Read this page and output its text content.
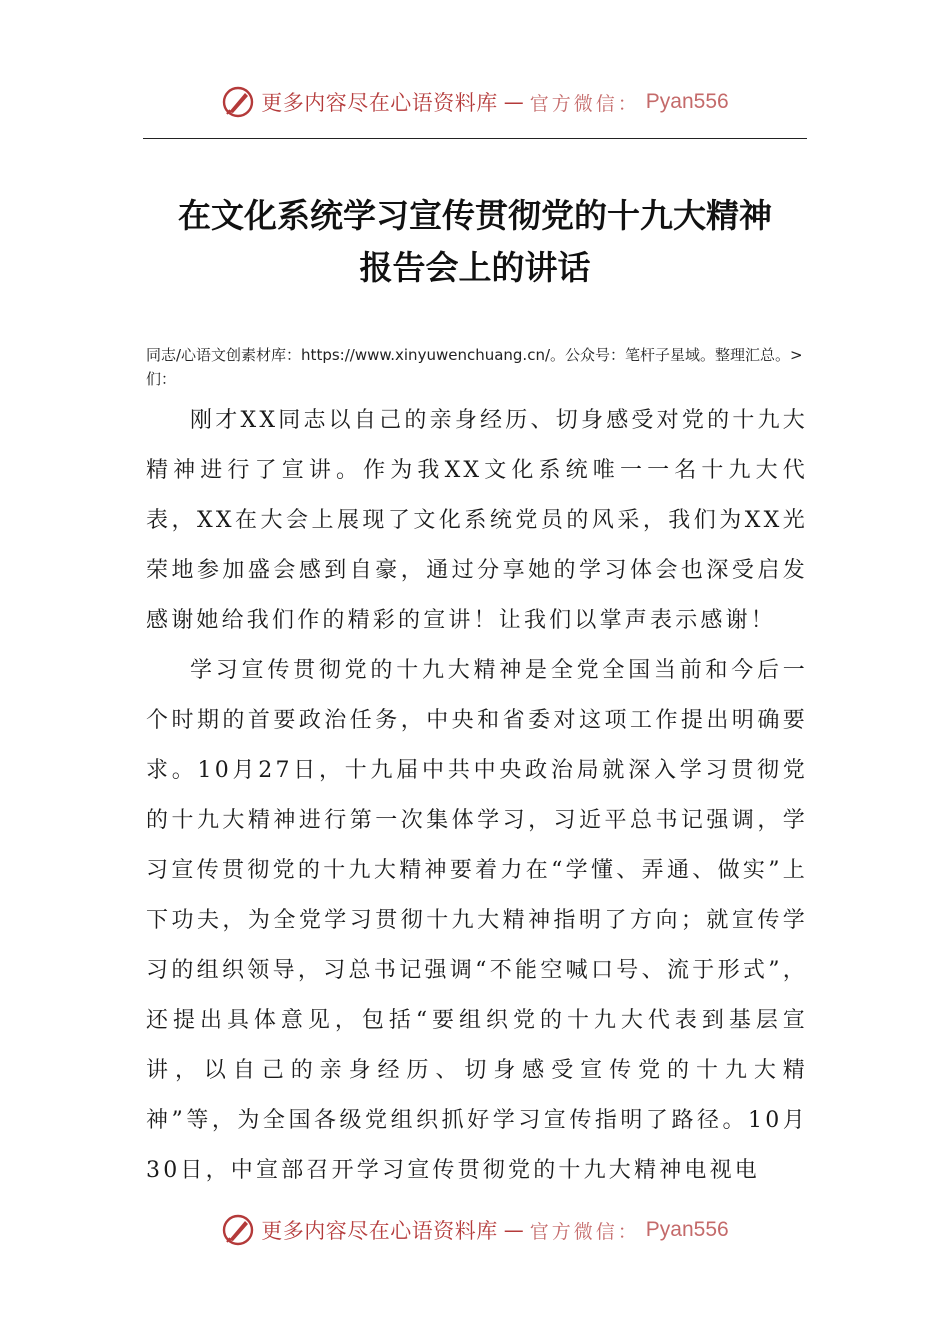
更多内容尽在心语资料库 — 官方微信： Pyan556
在文化系统学习宣传贯彻党的十九大精神
报告会上的讲话
同志/心语文创素材库：https://www.xinyuwenchuang.cn/。公众号：笔杆子星域。整理汇总。>们：

刚才XX同志以自己的亲身经历、切身感受对党的十九大精神进行了宣讲。作为我XX文化系统唯一一名十九大代表，XX在大会上展现了文化系统党员的风采，我们为XX光荣地参加盛会感到自豪，通过分享她的学习体会也深受启发感谢她给我们作的精彩的宣讲！让我们以掌声表示感谢！

学习宣传贯彻党的十九大精神是全党全国当前和今后一个时期的首要政治任务，中央和省委对这项工作提出明确要求。10月27日，十九届中共中央政治局就深入学习贯彻党的十九大精神进行第一次集体学习，习近平总书记强调，学习宣传贯彻党的十九大精神要着力在“学懂、弄通、做实”上下功夫，为全党学习贯彻十九大精神指明了方向；就宣传学习的组织领导，习总书记强调“不能空喊口号、流于形式”，还提出具体意见，包括“要组织党的十九大代表到基层宣讲，以自己的亲身经历、切身感受宣传党的十九大精神”等，为全国各级党组织抓好学习宣传指明了路径。10月30日，中宣部召开学习宣传贯彻党的十九大精神电视电

更多内容尽在心语资料库 — 官方微信： Pyan556
